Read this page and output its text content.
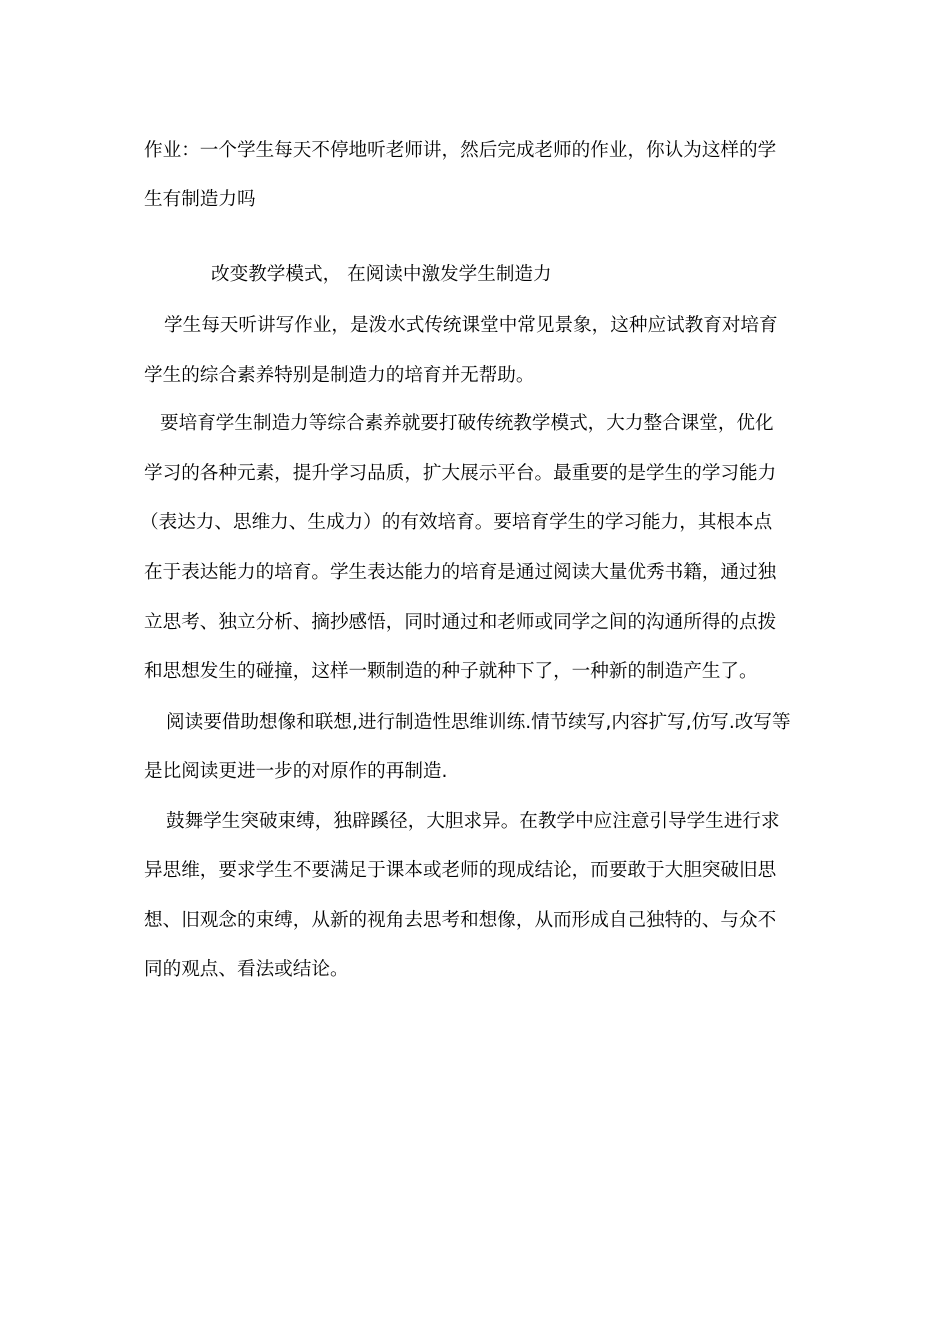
作业：一个学生每天不停地听老师讲，然后完成老师的作业，你认为这样的学
生有制造力吗
改变教学模式， 在阅读中激发学生制造力
学生每天听讲写作业，是泼水式传统课堂中常见景象，这种应试教育对培育
学生的综合素养特别是制造力的培育并无帮助。
要培育学生制造力等综合素养就要打破传统教学模式，大力整合课堂，优化
学习的各种元素，提升学习品质，扩大展示平台。最重要的是学生的学习能力
（表达力、思维力、生成力）的有效培育。要培育学生的学习能力，其根本点
在于表达能力的培育。学生表达能力的培育是通过阅读大量优秀书籍，通过独
立思考、独立分析、摘抄感悟，同时通过和老师或同学之间的沟通所得的点拨
和思想发生的碰撞，这样一颗制造的种子就种下了，一种新的制造产生了。
阅读要借助想像和联想,进行制造性思维训练.情节续写,内容扩写,仿写.改写等
是比阅读更进一步的对原作的再制造.
鼓舞学生突破束缚，独辟蹊径，大胆求异。在教学中应注意引导学生进行求
异思维，要求学生不要满足于课本或老师的现成结论，而要敢于大胆突破旧思
想、旧观念的束缚，从新的视角去思考和想像，从而形成自己独特的、与众不
同的观点、看法或结论。
